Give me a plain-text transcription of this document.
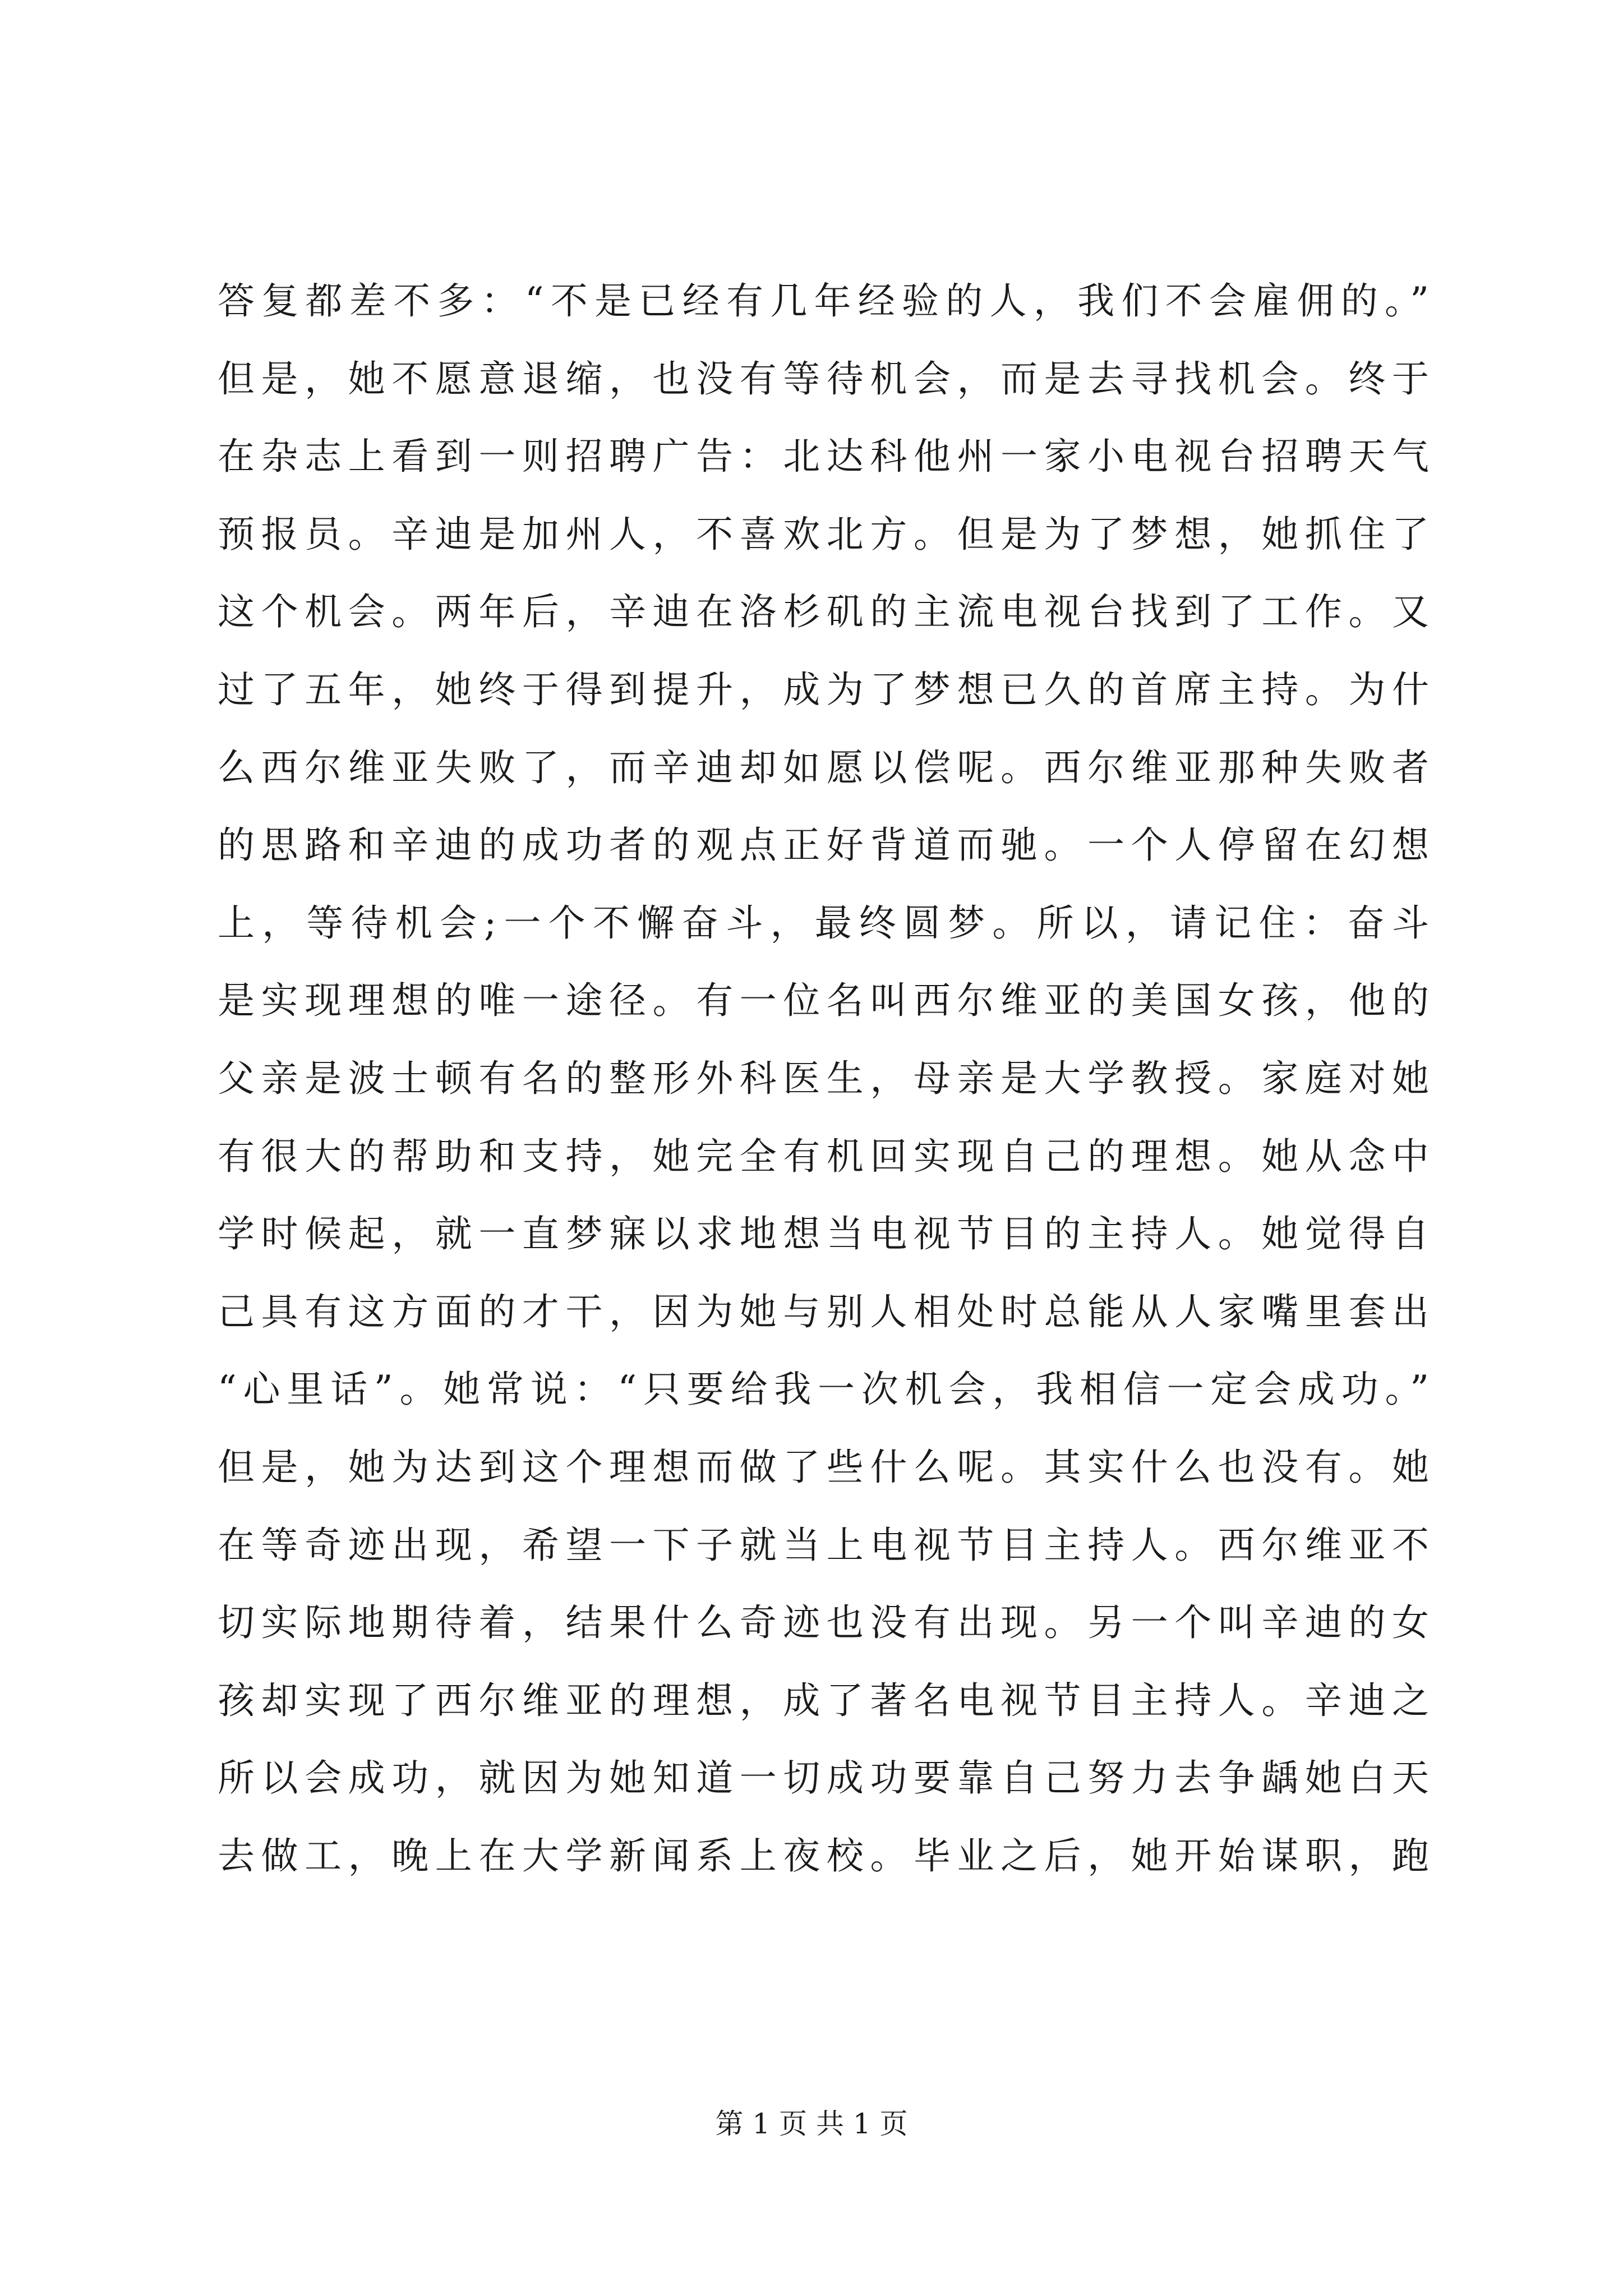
答复都差不多：“不是已经有几年经验的人，我们不会雇佣的。”
但是，她不愿意退缩，也没有等待机会，而是去寻找机会。终于
在杂志上看到一则招聘广告：北达科他州一家小电视台招聘天气
预报员。辛迪是加州人，不喜欢北方。但是为了梦想，她抓住了
这个机会。两年后，辛迪在洛杉矶的主流电视台找到了工作。又
过了五年，她终于得到提升，成为了梦想已久的首席主持。为什
么西尔维亚失败了，而辛迪却如愿以偿呢。西尔维亚那种失败者
的思路和辛迪的成功者的观点正好背道而驰。一个人停留在幻想
上，等待机会;一个不懈奋斗，最终圆梦。所以，请记住：奋斗
是实现理想的唯一途径。有一位名叫西尔维亚的美国女孩，他的
父亲是波士顿有名的整形外科医生，母亲是大学教授。家庭对她
有很大的帮助和支持，她完全有机回实现自己的理想。她从念中
学时候起，就一直梦寐以求地想当电视节目的主持人。她觉得自
己具有这方面的才干，因为她与别人相处时总能从人家嘴里套出
“心里话”。她常说：“只要给我一次机会，我相信一定会成功。”
但是，她为达到这个理想而做了些什么呢。其实什么也没有。她
在等奇迹出现，希望一下子就当上电视节目主持人。西尔维亚不
切实际地期待着，结果什么奇迹也没有出现。另一个叫辛迪的女
孩却实现了西尔维亚的理想，成了著名电视节目主持人。辛迪之
所以会成功，就因为她知道一切成功要靠自己努力去争龋她白天
去做工，晚上在大学新闻系上夜校。毕业之后，她开始谋职，跑
第 1 页 共 1 页
